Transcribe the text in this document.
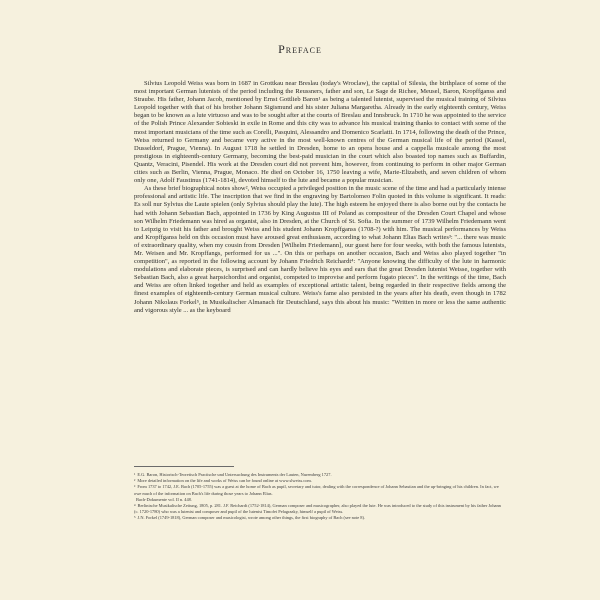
Preface

Silvius Leopold Weiss was born in 1687 in Grottkau near Breslau (today's Wroclaw), the capital of Silesia, the birthplace of some of the most important German lutenists of the period including the Reussners, father and son, Le Sage de Richee, Meusel, Baron, Kropffganss and Straube. His father, Johann Jacob, mentioned by Ernst Gottlieb Baron¹ as being a talented lutenist, supervised the musical training of Silvius Leopold together with that of his brother Johann Sigismund and his sister Juliana Margaretha. Already in the early eighteenth century, Weiss began to be known as a lute virtuoso and was to be sought after at the courts of Breslau and Innsbruck. In 1710 he was appointed to the service of the Polish Prince Alexander Sobieski in exile in Rome and this city was to advance his musical training thanks to contact with some of the most important musicians of the time such as Corelli, Pasquini, Alessandro and Domenico Scarlatti. In 1714, following the death of the Prince, Weiss returned to Germany and became very active in the most well-known centres of the German musical life of the period (Kassel, Dusseldorf, Prague, Vienna). In August 1718 he settled in Dresden, home to an opera house and a cappella musicale among the most prestigious in eighteenth-century Germany, becoming the best-paid musician in the court which also boasted top names such as Buffardin, Quantz, Veracini, Pisendel. His work at the Dresden court did not prevent him, however, from continuing to perform in other major German cities such as Berlin, Vienna, Prague, Monaco. He died on October 16, 1750 leaving a wife, Marie-Elizabeth, and seven children of whom only one, Adolf Faustinus (1741-1814), devoted himself to the lute and became a popular musician.

As these brief biographical notes show², Weiss occupied a privileged position in the music scene of the time and had a particularly intense professional and artistic life. The inscription that we find in the engraving by Bartolomeo Folin quoted in this volume is significant. It reads: Es soll nur Sylvius die Laute spielen (only Sylvius should play the lute). The high esteem he enjoyed there is also borne out by the contacts he had with Johann Sebastian Bach, appointed in 1736 by King Augustus III of Poland as compositeur of the Dresden Court Chapel and whose son Wilhelm Friedemann was hired as organist, also in Dresden, at the Church of St. Sofia. In the summer of 1739 Wilhelm Friedemann went to Leipzig to visit his father and brought Weiss and his student Johann Kropffganss (1708-?) with him. The musical performances by Weiss and Kropffganss held on this occasion must have aroused great enthusiasm, according to what Johann Elias Bach writes³: "... there was music of extraordinary quality, when my cousin from Dresden [Wilhelm Friedemann], our guest here for four weeks, with both the famous lutenists, Mr. Weisen and Mr. Kropffangs, performed for us ...". On this or perhaps on another occasion, Bach and Weiss also played together "in competition", as reported in the following account by Johann Friedrich Reichardt⁴: "Anyone knowing the difficulty of the lute in harmonic modulations and elaborate pieces, is surprised and can hardly believe his eyes and ears that the great Dresden lutenist Weisse, together with Sebastian Bach, also a great harpsichordist and organist, competed to improvise and perform fugato pieces". In the writings of the time, Bach and Weiss are often linked together and held as examples of exceptional artistic talent, being regarded in their respective fields among the finest examples of eighteenth-century German musical culture. Weiss's fame also persisted in the years after his death, even though in 1782 Johann Nikolaus Forkel⁵, in Musikalischer Almanach für Deutschland, says this about his music: "Written in more or less the same authentic and vigorous style ... as the keyboard

¹ E.G. Baron, Historisch-Teoretisch Practische und Untersuchung des Instruments der Lauten, Nuremberg 1727.
² More detailed information on the life and works of Weiss can be found online at www.slweiss.com.
³ From 1737 to 1742, J.E. Bach (1705-1755) was a guest at the home of Bach as pupil, secretary and tutor, dealing with the correspondence of Johann Sebastian and the up-bringing of his children. In fact, we owe much of the information on Bach's life during those years to Johann Elias.
Bach-Dokumente vol. II n. 448.
⁴ Berlinische Musikalische Zeitung, 1805, p. 281. J.F. Reichardt (1752-1814), German composer and musicographer, also played the lute. He was introduced to the study of this instrument by his father Johann (c. 1720-1780) who was a lutenist and composer and pupil of the lutenist Timofei Pelagrazky, himself a pupil of Weiss.
⁵ J.N. Forkel (1749-1818), German composer and musicologist, wrote among other things, the first biography of Bach (see note 8).
